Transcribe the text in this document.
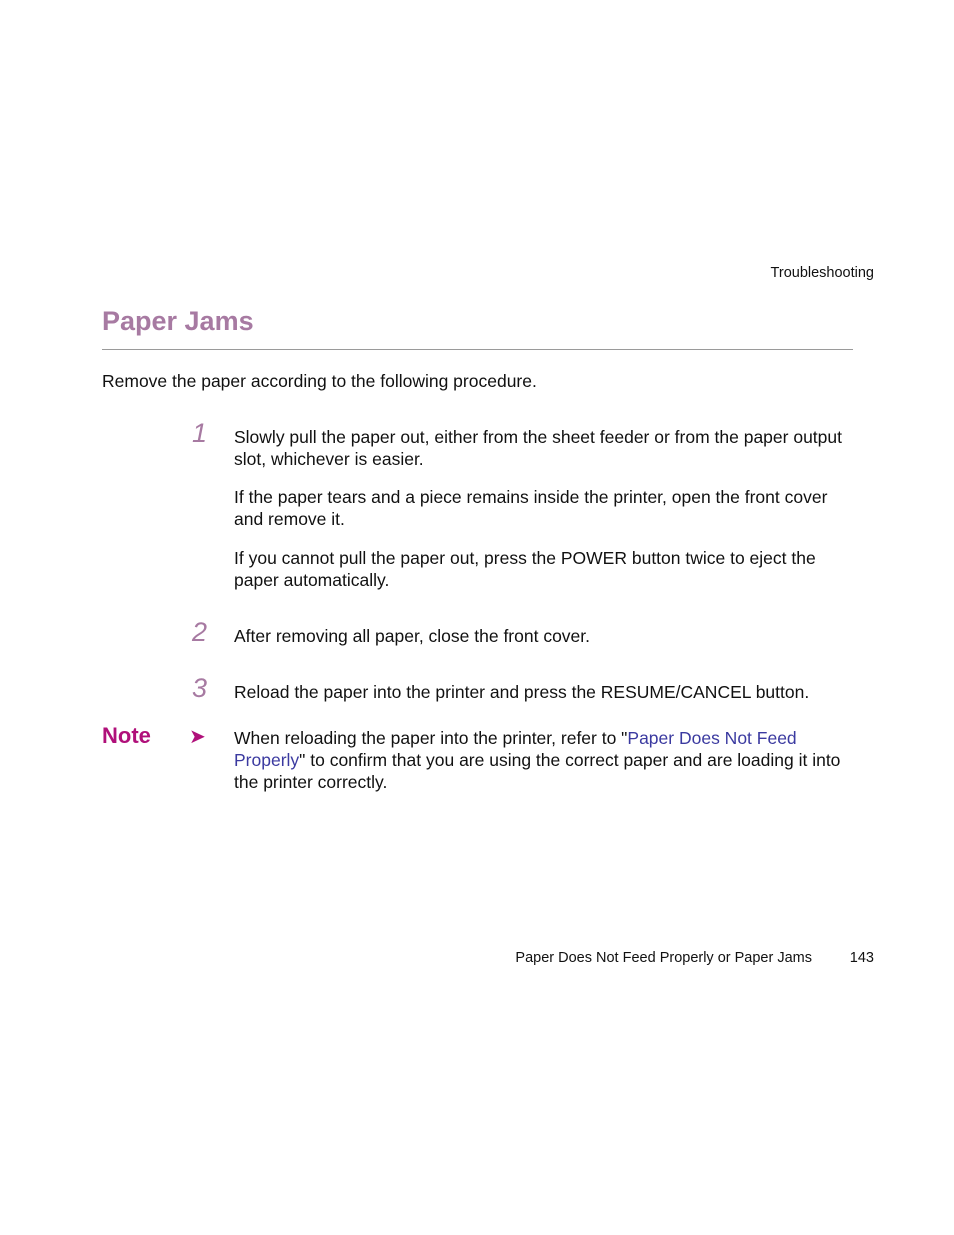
Troubleshooting
Paper Jams
Remove the paper according to the following procedure.
1 Slowly pull the paper out, either from the sheet feeder or from the paper output slot, whichever is easier.

If the paper tears and a piece remains inside the printer, open the front cover and remove it.

If you cannot pull the paper out, press the POWER button twice to eject the paper automatically.

2 After removing all paper, close the front cover.

3 Reload the paper into the printer and press the RESUME/CANCEL button.

Note ➤ When reloading the paper into the printer, refer to "Paper Does Not Feed Properly" to confirm that you are using the correct paper and are loading it into the printer correctly.

Paper Does Not Feed Properly or Paper Jams	143
